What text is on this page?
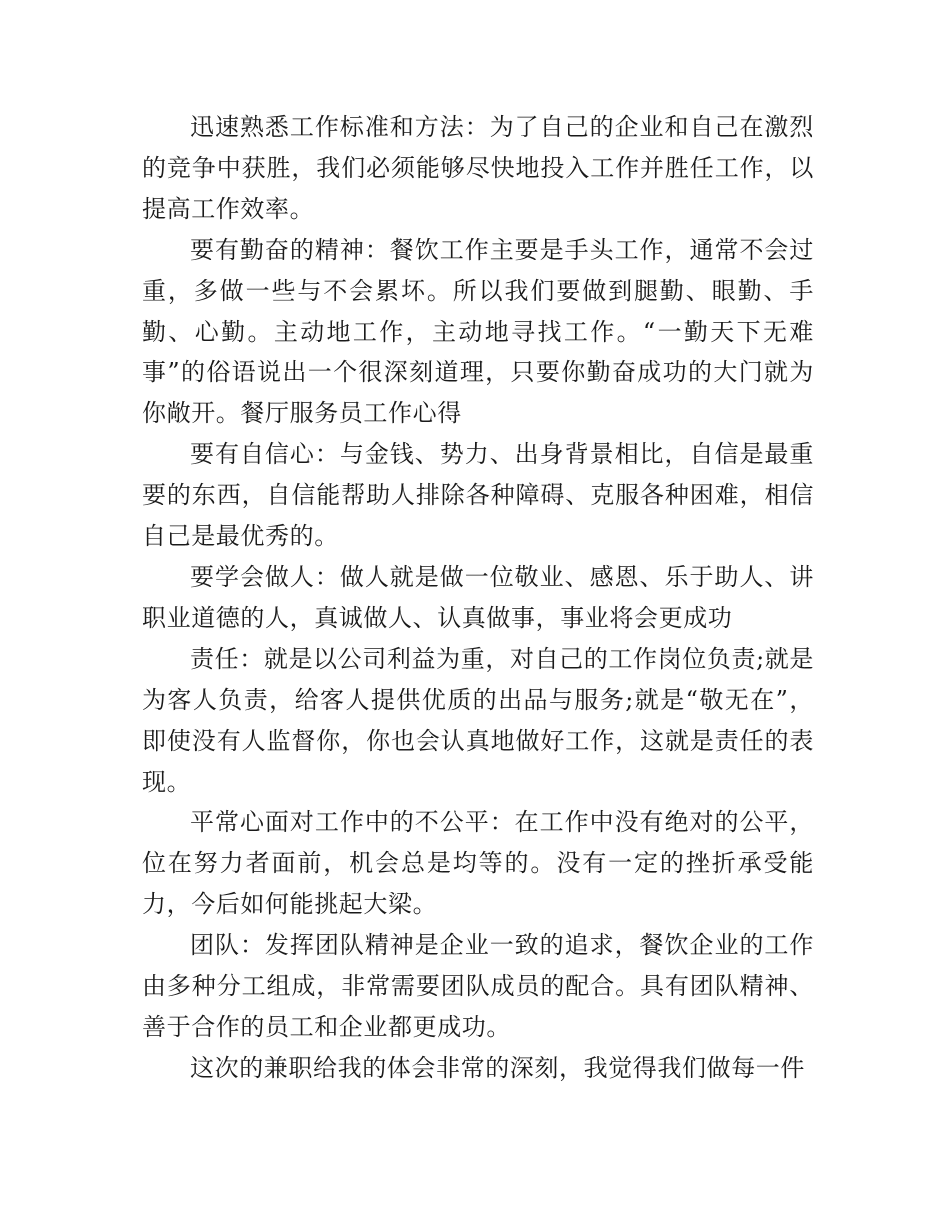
迅速熟悉工作标准和方法：为了自己的企业和自己在激烈的竞争中获胜，我们必须能够尽快地投入工作并胜任工作，以提高工作效率。

要有勤奋的精神：餐饮工作主要是手头工作，通常不会过重，多做一些与不会累坏。所以我们要做到腿勤、眼勤、手勤、心勤。主动地工作，主动地寻找工作。“一勤天下无难事”的俗语说出一个很深刻道理，只要你勤奋成功的大门就为你敞开。餐厅服务员工作心得

要有自信心：与金钱、势力、出身背景相比，自信是最重要的东西，自信能帮助人排除各种障碍、克服各种困难，相信自己是最优秀的。

要学会做人：做人就是做一位敬业、感恩、乐于助人、讲职业道德的人，真诚做人、认真做事，事业将会更成功

责任：就是以公司利益为重，对自己的工作岗位负责;就是为客人负责，给客人提供优质的出品与服务;就是“敬无在”，即使没有人监督你，你也会认真地做好工作，这就是责任的表现。

平常心面对工作中的不公平：在工作中没有绝对的公平，位在努力者面前，机会总是均等的。没有一定的挫折承受能力，今后如何能挑起大梁。

团队：发挥团队精神是企业一致的追求，餐饮企业的工作由多种分工组成，非常需要团队成员的配合。具有团队精神、善于合作的员工和企业都更成功。

这次的兼职给我的体会非常的深刻，我觉得我们做每一件
